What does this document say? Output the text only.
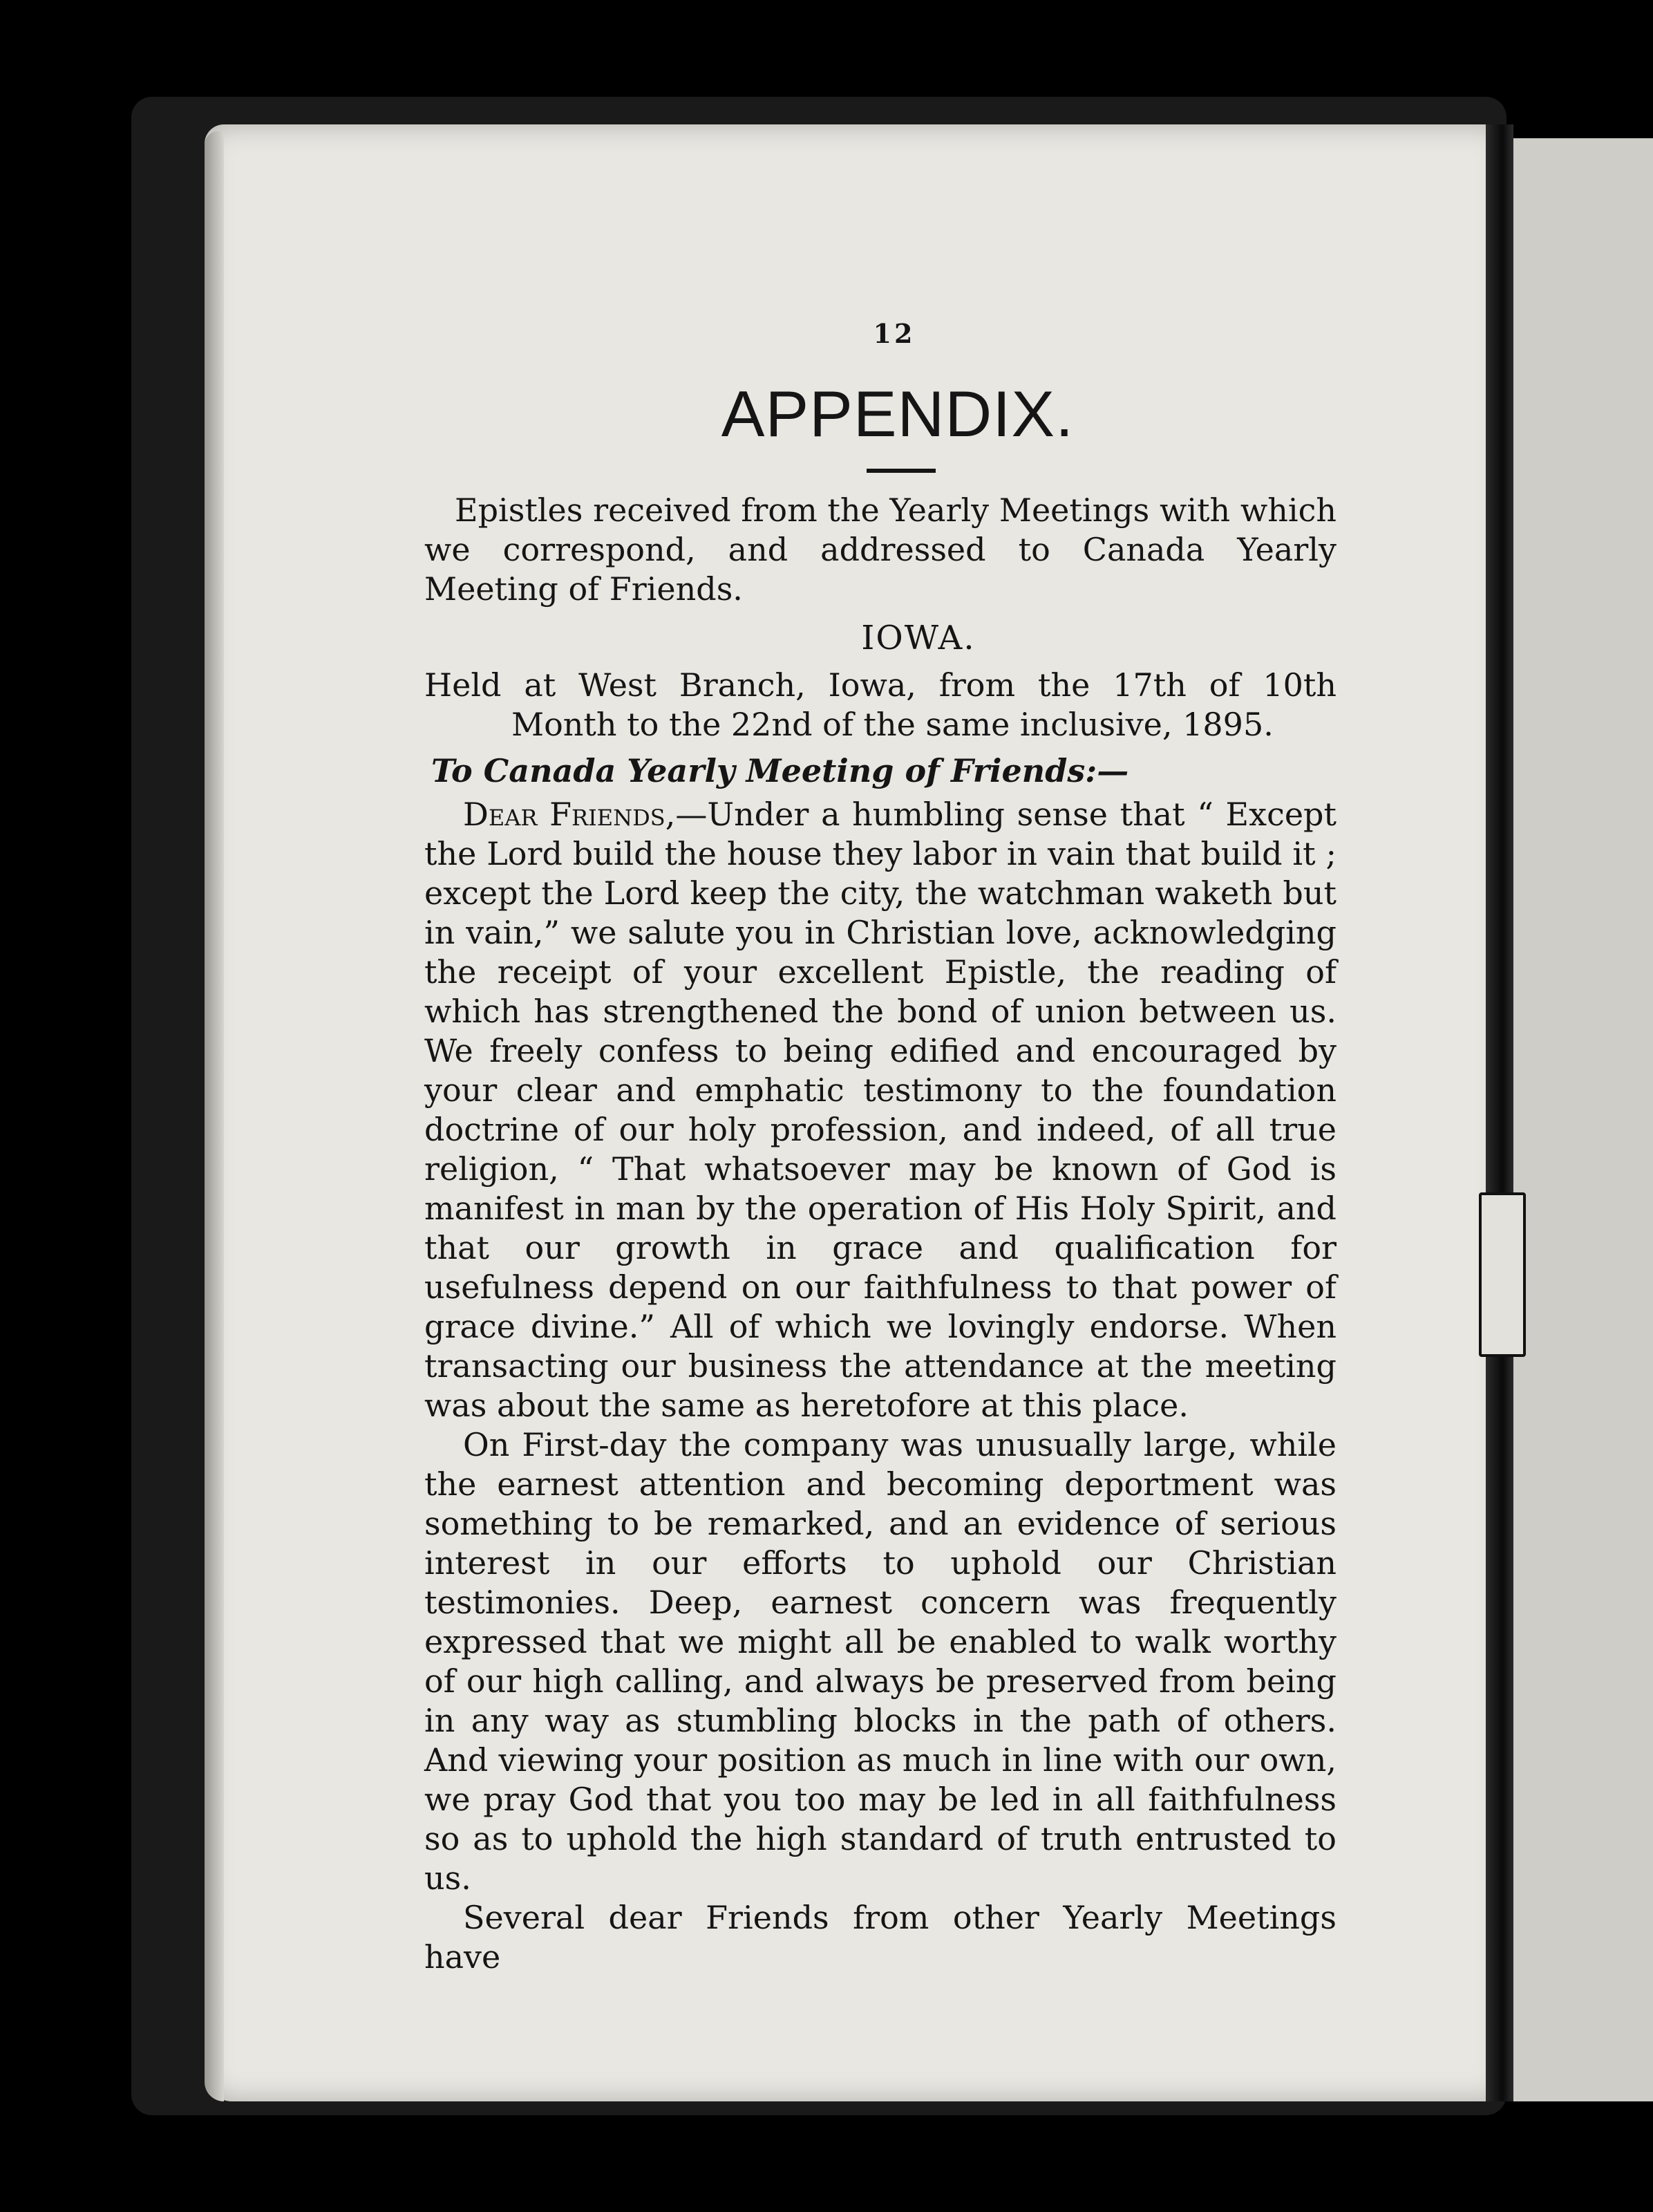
12
APPENDIX.

Epistles received from the Yearly Meetings with which we correspond, and addressed to Canada Yearly Meeting of Friends.

IOWA.

Held at West Branch, Iowa, from the 17th of 10th Month to the 22nd of the same inclusive, 1895.

To Canada Yearly Meeting of Friends:—

Dear Friends,—Under a humbling sense that “ Except the Lord build the house they labor in vain that build it ; except the Lord keep the city, the watchman waketh but in vain,” we salute you in Christian love, acknowledging the receipt of your excellent Epistle, the reading of which has strengthened the bond of union between us. We freely confess to being edified and encouraged by your clear and emphatic testimony to the foundation doctrine of our holy profession, and indeed, of all true religion, “ That whatsoever may be known of God is manifest in man by the operation of His Holy Spirit, and that our growth in grace and qualification for usefulness depend on our faithfulness to that power of grace divine.” All of which we lovingly endorse. When transacting our business the attendance at the meeting was about the same as heretofore at this place.

On First-day the company was unusually large, while the earnest attention and becoming deportment was something to be remarked, and an evidence of serious interest in our efforts to uphold our Christian testimonies. Deep, earnest concern was frequently expressed that we might all be enabled to walk worthy of our high calling, and always be preserved from being in any way as stumbling blocks in the path of others. And viewing your position as much in line with our own, we pray God that you too may be led in all faithfulness so as to uphold the high standard of truth entrusted to us.

Several dear Friends from other Yearly Meetings have
